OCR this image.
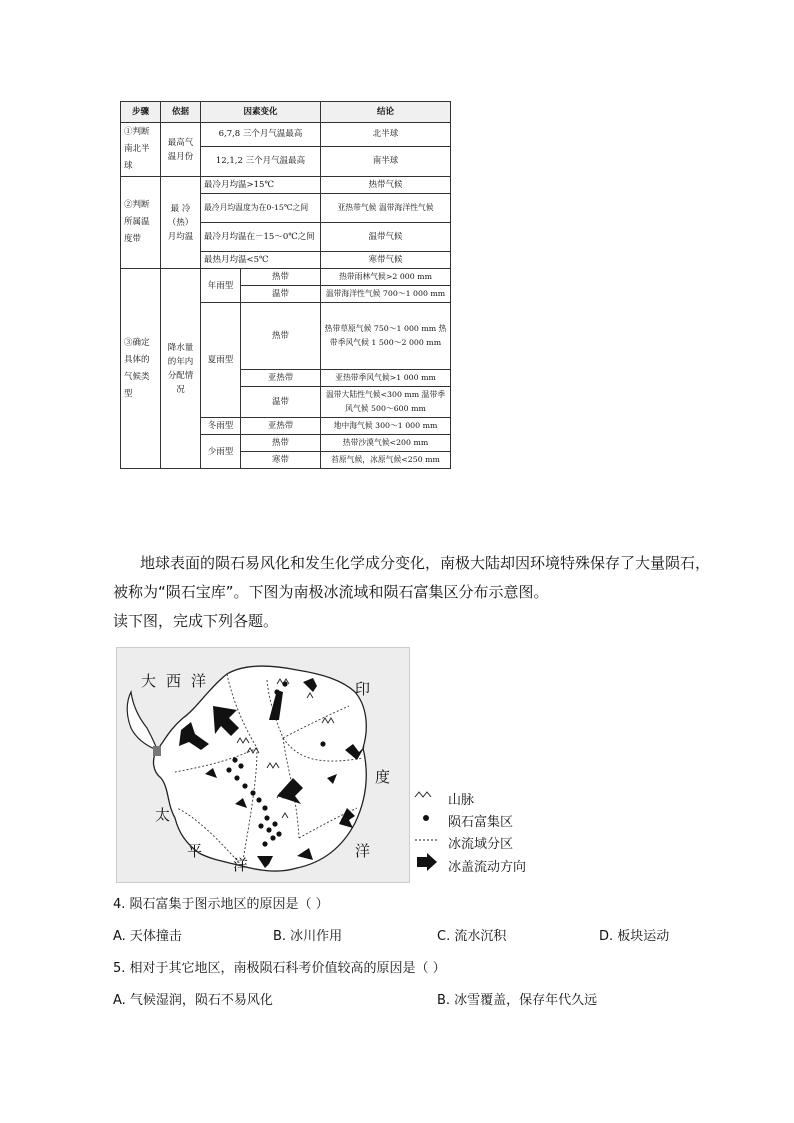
步骤	依据	因素变化		结论
①判断南北半球	最高气温月份	6,7,8 三个月气温最高		北半球
		12,1,2 三个月气温最高		南半球
②判断所属温度带	最 冷（热）月均温	最冷月均温>15℃		热带气候
		最冷月均温度为在0-15℃之间		亚热带气候 温带海洋性气候
		最冷月均温在－15～0℃之间		温带气候
		最热月均温<5℃		寒带气候
③确定具体的气候类型	降水量的年内分配情况	年雨型	热带	热带雨林气候>2 000 mm
			温带	温带海洋性气候 700～1 000 mm
		夏雨型	热带	热带草原气候 750～1 000 mm 热带季风气候 1 500～2 000 mm
			亚热带	亚热带季风气候>1 000 mm
			温带	温带大陆性气候<300 mm 温带季风气候 500～600 mm
		冬雨型	亚热带	地中海气候 300～1 000 mm
		少雨型	热带	热带沙漠气候<200 mm
			寒带	苔原气候，冰原气候<250 mm
地球表面的陨石易风化和发生化学成分变化，南极大陆却因环境特殊保存了大量陨石，
被称为“陨石宝库”。下图为南极冰流域和陨石富集区分布示意图。
读下图，完成下列各题。
大西洋	印
度
洋
太
平
洋
山脉
陨石富集区
冰流域分区
冰盖流动方向
4. 陨石富集于图示地区的原因是（ ）
A. 天体撞击	B. 冰川作用	C. 流水沉积	D. 板块运动
5. 相对于其它地区，南极陨石科考价值较高的原因是（ ）
A. 气候湿润，陨石不易风化	B. 冰雪覆盖，保存年代久远
